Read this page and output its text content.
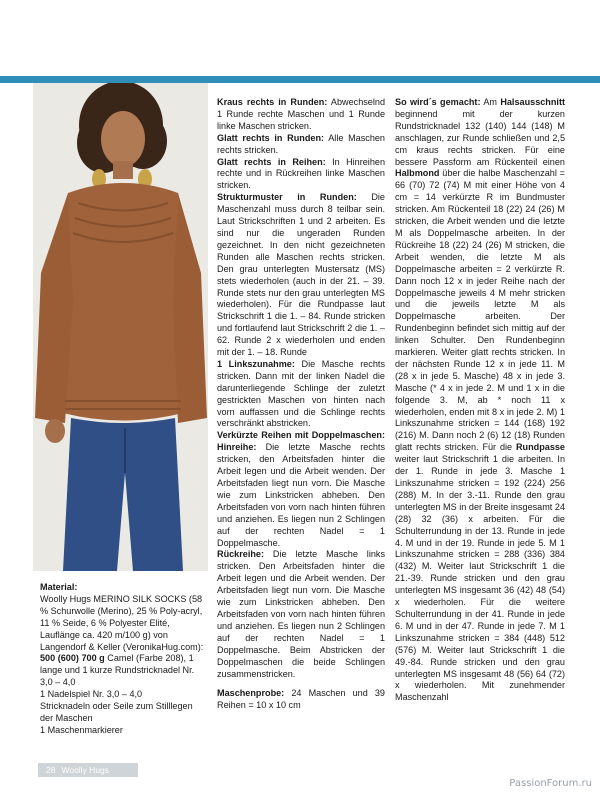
Kraus rechts in Runden: Abwechselnd 1 Runde rechte Maschen und 1 Runde linke Maschen stricken.

Glatt rechts in Runden: Alle Maschen rechts stricken.

Glatt rechts in Reihen: In Hinreihen rechte und in Rückreihen linke Maschen stricken.

Strukturmuster in Runden: Die Maschenzahl muss durch 8 teilbar sein. Laut Strickschriften 1 und 2 arbeiten. Es sind nur die ungeraden Runden gezeichnet. In den nicht gezeichneten Runden alle Maschen rechts stricken. Den grau unterlegten Mustersatz (MS) stets wiederholen (auch in der 21. – 39. Runde stets nur den grau unterlegten MS wiederholen). Für die Rundpasse laut Strickschrift 1 die 1. – 84. Runde stricken und fortlaufend laut Strickschrift 2 die 1. – 62. Runde 2 x wiederholen und enden mit der 1. – 18. Runde

1 Linkszunahme: Die Masche rechts stricken. Dann mit der linken Nadel die darunterliegende Schlinge der zuletzt gestrickten Maschen von hinten nach vorn auffassen und die Schlinge rechts verschränkt abstricken.

Verkürzte Reihen mit Doppelmaschen: Hinreihe: Die letzte Masche rechts stricken, den Arbeitsfaden hinter die Arbeit legen und die Arbeit wenden. Der Arbeitsfaden liegt nun vorn. Die Masche wie zum Linkstricken abheben. Den Arbeitsfaden von vorn nach hinten führen und anziehen. Es liegen nun 2 Schlingen auf der rechten Nadel = 1 Doppelmasche.

Rückreihe: Die letzte Masche links stricken. Den Arbeitsfaden hinter die Arbeit legen und die Arbeit wenden. Der Arbeitsfaden liegt nun vorn. Die Masche wie zum Linkstricken abheben. Den Arbeitsfaden von vorn nach hinten führen und anziehen. Es liegen nun 2 Schlingen auf der rechten Nadel = 1 Doppelmasche. Beim Abstricken der Doppelmaschen die beide Schlingen zusammenstricken.

Maschenprobe: 24 Maschen und 39 Reihen = 10 x 10 cm

So wird´s gemacht: Am Halsausschnitt beginnend mit der kurzen Rundstricknadel 132 (140) 144 (148) M anschlagen, zur Runde schließen und 2,5 cm kraus rechts stricken. Für eine bessere Passform am Rückenteil einen Halbmond über die halbe Maschenzahl = 66 (70) 72 (74) M mit einer Höhe von 4 cm = 14 verkürzte R im Bundmuster stricken. Am Rückenteil 18 (22) 24 (26) M stricken, die Arbeit wenden und die letzte M als Doppelmasche arbeiten. In der Rückreihe 18 (22) 24 (26) M stricken, die Arbeit wenden, die letzte M als Doppelmasche arbeiten = 2 verkürzte R. Dann noch 12 x in jeder Reihe nach der Doppelmasche jeweils 4 M mehr stricken und die jeweils letzte M als Doppelmasche arbeiten. Der Rundenbeginn befindet sich mittig auf der linken Schulter. Den Rundenbeginn markieren. Weiter glatt rechts stricken. In der nächsten Runde 12 x in jede 11. M (28 x in jede 5. Masche) 48 x in jede 3. Masche (* 4 x in jede 2. M und 1 x in die folgende 3. M, ab * noch 11 x wiederholen, enden mit 8 x in jede 2. M) 1 Linkszunahme stricken = 144 (168) 192 (216) M. Dann noch 2 (6) 12 (18) Runden glatt rechts stricken. Für die Rundpasse weiter laut Strickschrift 1 die arbeiten. In der 1. Runde in jede 3. Masche 1 Linkszunahme stricken = 192 (224) 256 (288) M. In der 3.-11. Runde den grau unterlegten MS in der Breite insgesamt 24 (28) 32 (36) x arbeiten. Für die Schulterrundung in der 13. Runde in jede 4. M und in der 19. Runde in jede 5. M 1 Linkszunahme stricken = 288 (336) 384 (432) M. Weiter laut Strickschrift 1 die 21.-39. Runde stricken und den grau unterlegten MS insgesamt 36 (42) 48 (54) x wiederholen. Für die weitere Schulterrundung in der 41. Runde in jede 6. M und in der 47. Runde in jede 7. M 1 Linkszunahme stricken = 384 (448) 512 (576) M. Weiter laut Strickschrift 1 die 49.-84. Runde stricken und den grau unterlegten MS insgesamt 48 (56) 64 (72) x wiederholen. Mit zunehmender Maschenzahl

Material:

Woolly Hugs MERINO SILK SOCKS (58 % Schurwolle (Merino), 25 % Poly-acryl, 11 % Seide, 6 % Polyester Elité, Lauflänge ca. 420 m/100 g) von Langendorf & Keller (VeronikaHug.com): 500 (600) 700 g Camel (Farbe 208), 1 lange und 1 kurze Rundstricknadel Nr. 3,0 – 4,0

1 Nadelspiel Nr. 3,0 – 4,0

Stricknadeln oder Seile zum Stilllegen der Maschen

1 Maschenmarkierer

28 Woolly Hugs
PassionForum.ru
